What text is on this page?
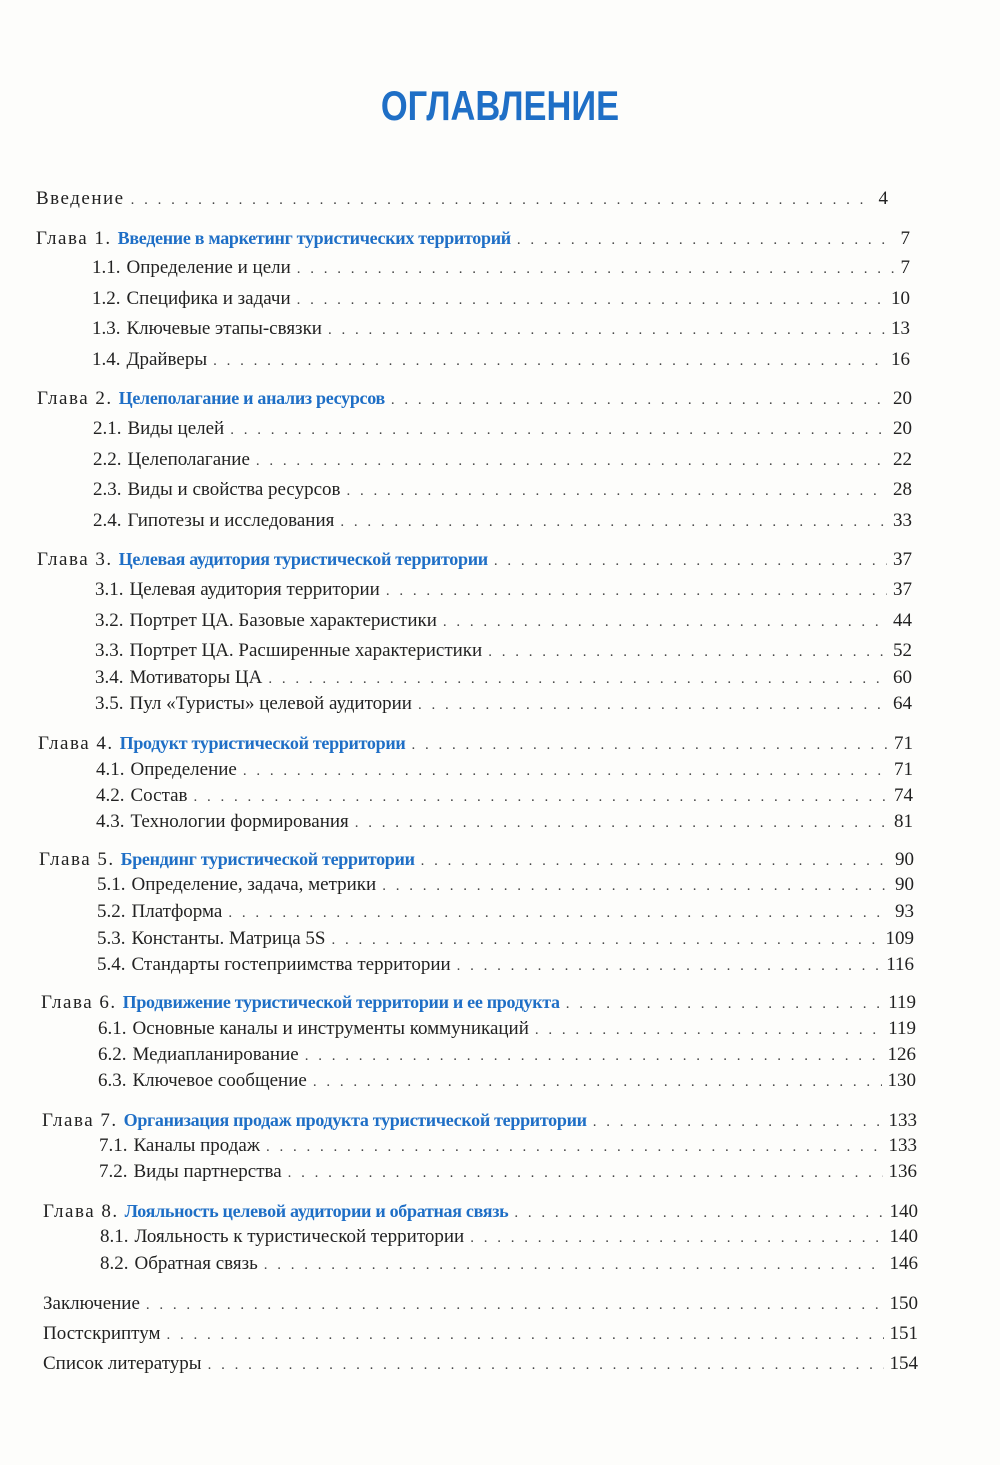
ОГЛАВЛЕНИЕ
Введение . . .	4
Глава 1. Введение в маркетинг туристических территорий . . .	7
1.1. Определение и цели . . .	7
1.2. Специфика и задачи . . .	10
1.3. Ключевые этапы-связки . . .	13
1.4. Драйверы . . .	16
Глава 2. Целеполагание и анализ ресурсов . . .	20
2.1. Виды целей . . .	20
2.2. Целеполагание . . .	22
2.3. Виды и свойства ресурсов . . .	28
2.4. Гипотезы и исследования . . .	33
Глава 3. Целевая аудитория туристической территории . . .	37
3.1. Целевая аудитория территории . . .	37
3.2. Портрет ЦА. Базовые характеристики . . .	44
3.3. Портрет ЦА. Расширенные характеристики . . .	52
3.4. Мотиваторы ЦА . . .	60
3.5. Пул «Туристы» целевой аудитории . . .	64
Глава 4. Продукт туристической территории . . .	71
4.1. Определение . . .	71
4.2. Состав . . .	74
4.3. Технологии формирования . . .	81
Глава 5. Брендинг туристической территории . . .	90
5.1. Определение, задача, метрики . . .	90
5.2. Платформа . . .	93
5.3. Константы. Матрица 5S . . .	109
5.4. Стандарты гостеприимства территории . . .	116
Глава 6. Продвижение туристической территории и ее продукта . . .	119
6.1. Основные каналы и инструменты коммуникаций . . .	119
6.2. Медиапланирование . . .	126
6.3. Ключевое сообщение . . .	130
Глава 7. Организация продаж продукта туристической территории . . .	133
7.1. Каналы продаж . . .	133
7.2. Виды партнерства . . .	136
Глава 8. Лояльность целевой аудитории и обратная связь . . .	140
8.1. Лояльность к туристической территории . . .	140
8.2. Обратная связь . . .	146
Заключение . . .	150
Постскриптум . . .	151
Список литературы . . .	154
